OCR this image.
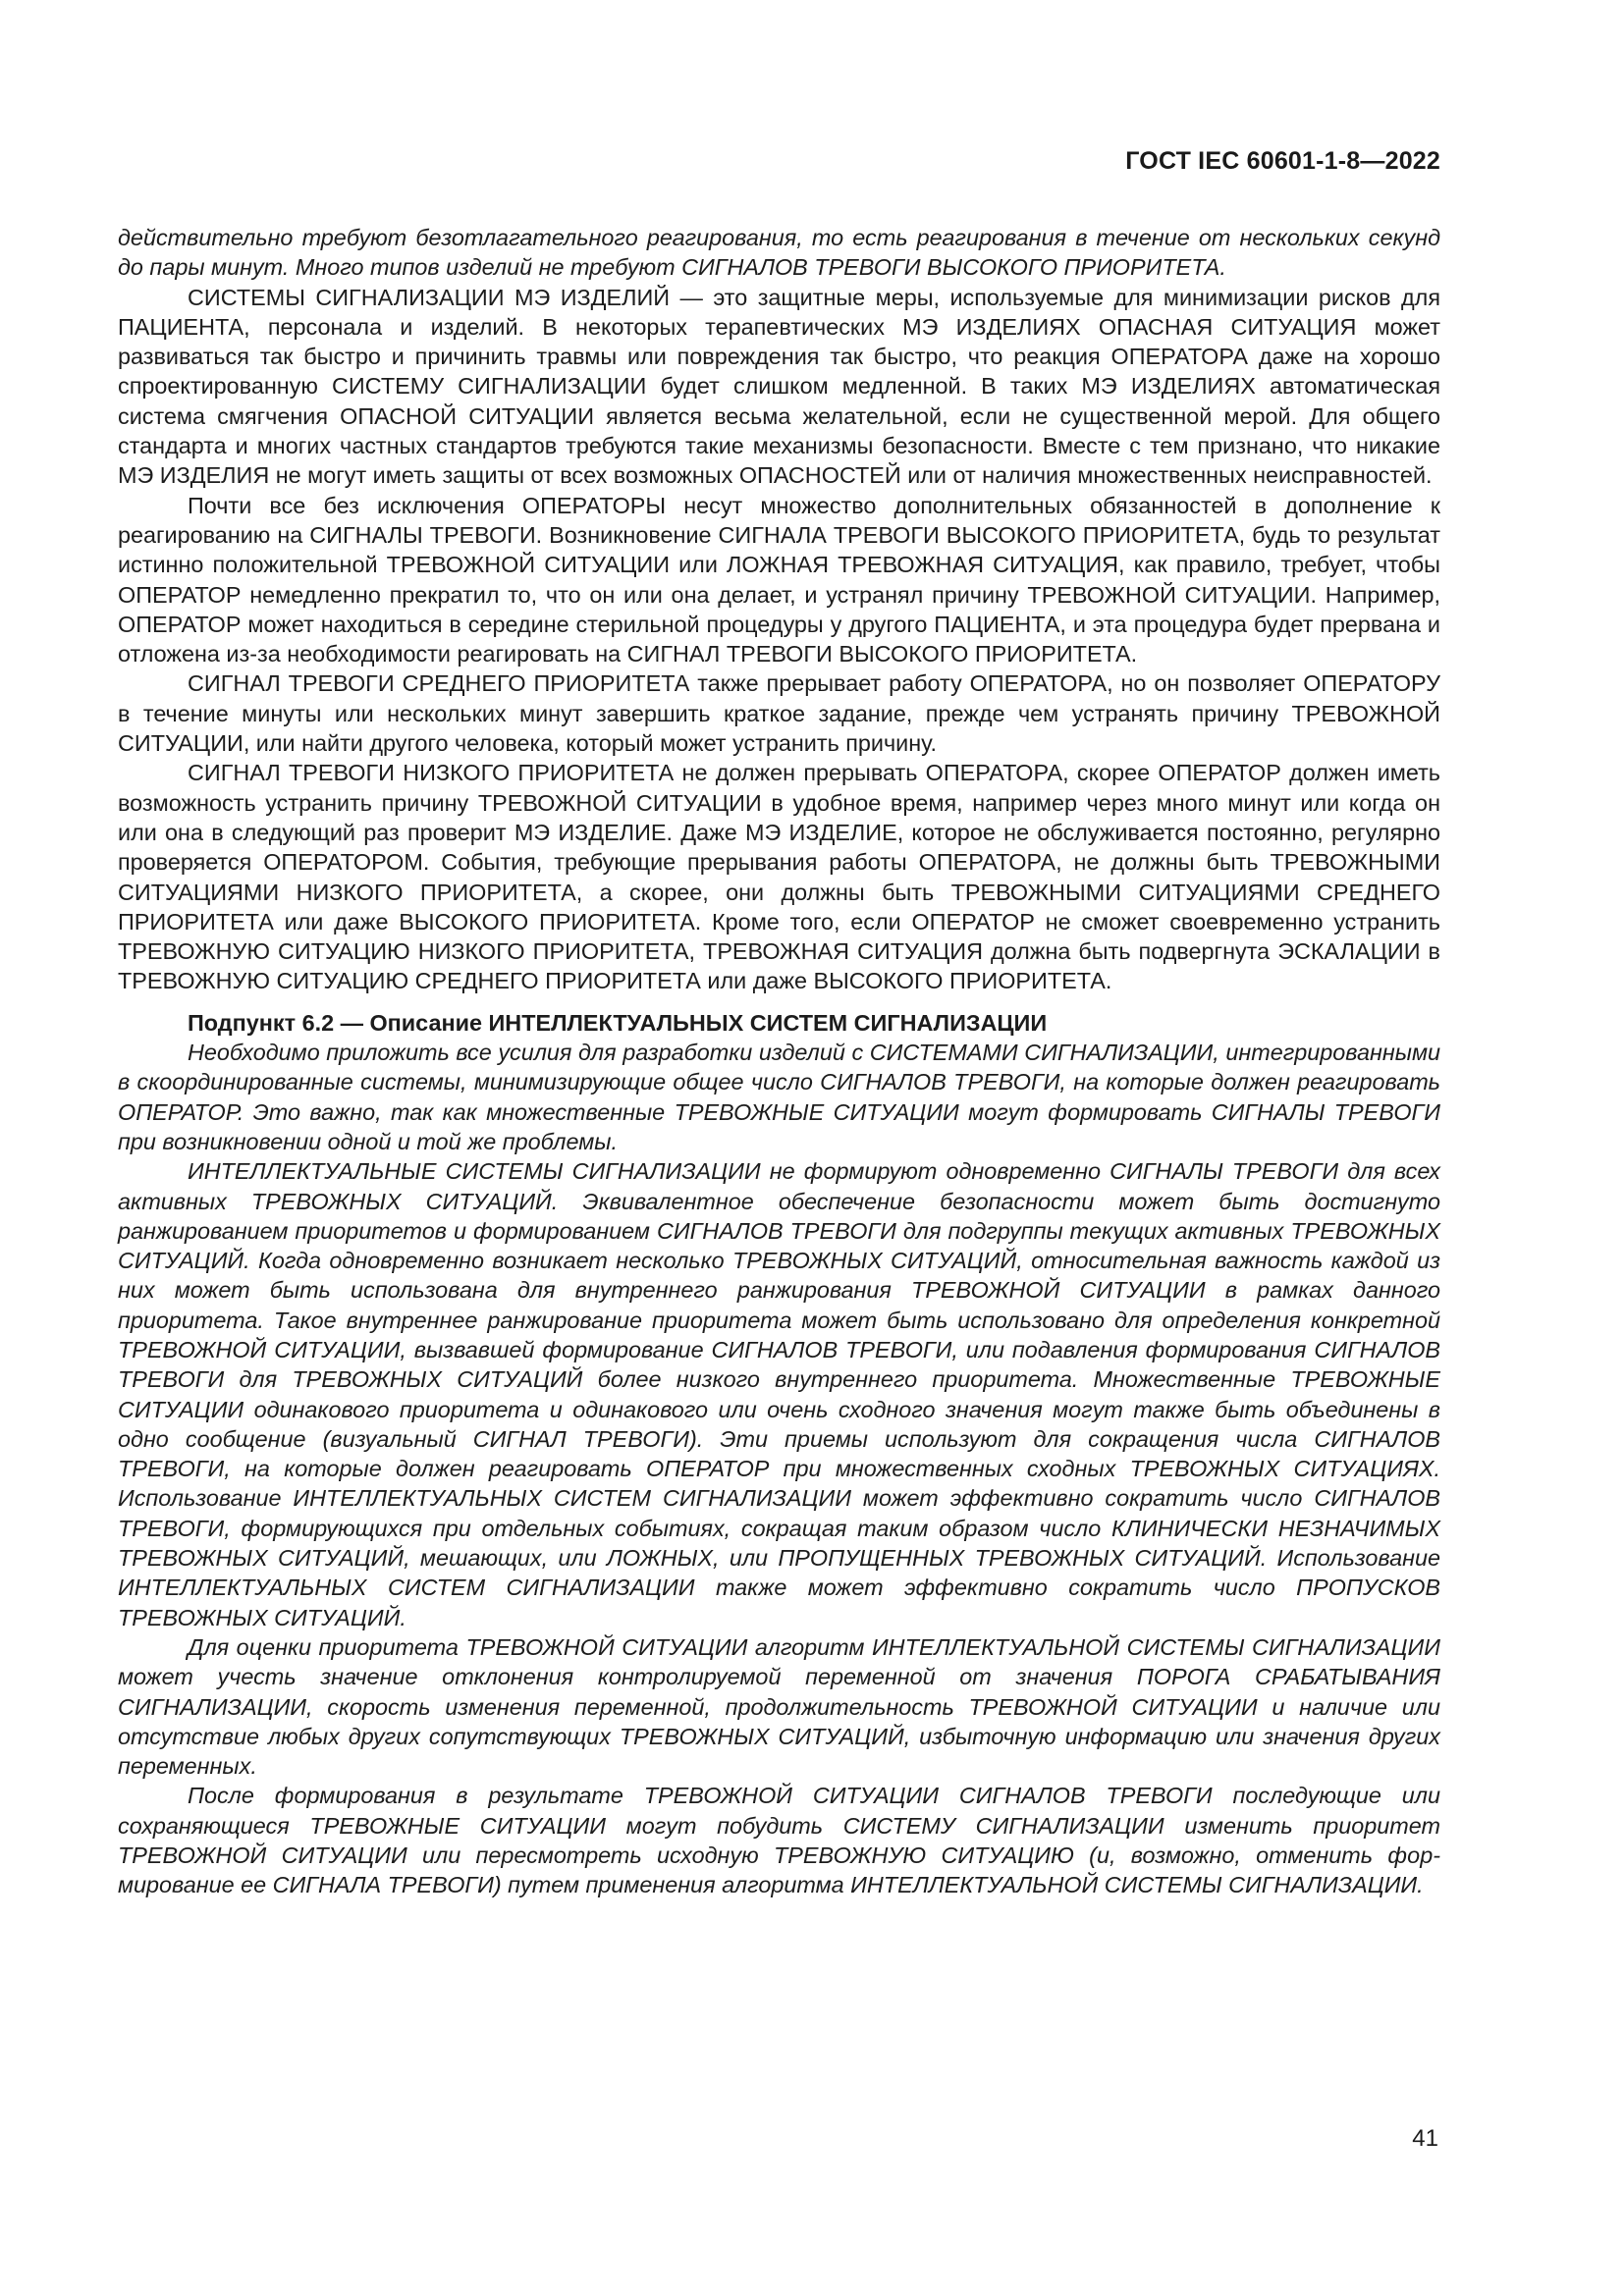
ГОСТ IEC 60601-1-8—2022

действительно требуют безотлагательного реагирования, то есть реагирования в течение от нескольких секунд до пары минут. Много типов изделий не требуют СИГНАЛОВ ТРЕВОГИ ВЫСОКОГО ПРИОРИТЕТА.

СИСТЕМЫ СИГНАЛИЗАЦИИ МЭ ИЗДЕЛИЙ — это защитные меры, используемые для минимизации рисков для ПАЦИЕНТА, персонала и изделий. В некоторых терапевтических МЭ ИЗДЕЛИЯХ ОПАСНАЯ СИТУАЦИЯ может развиваться так быстро и причинить травмы или повреждения так быстро, что реакция ОПЕРАТОРА даже на хорошо спроектированную СИСТЕМУ СИГНАЛИЗАЦИИ будет слишком медленной. В таких МЭ ИЗДЕЛИЯХ автоматическая система смягчения ОПАСНОЙ СИТУАЦИИ является весьма желательной, если не существенной мерой. Для общего стандарта и многих частных стандартов требуются такие механизмы безопасности. Вместе с тем признано, что никакие МЭ ИЗДЕЛИЯ не могут иметь защиты от всех возможных ОПАСНОСТЕЙ или от наличия множественных неисправностей.

Почти все без исключения ОПЕРАТОРЫ несут множество дополнительных обязанностей в дополнение к реагированию на СИГНАЛЫ ТРЕВОГИ. Возникновение СИГНАЛА ТРЕВОГИ ВЫСОКОГО ПРИОРИТЕТА, будь то результат истинно положительной ТРЕВОЖНОЙ СИТУАЦИИ или ЛОЖНАЯ ТРЕВОЖНАЯ СИТУАЦИЯ, как правило, требует, чтобы ОПЕРАТОР немедленно прекратил то, что он или она делает, и устранял причину ТРЕВОЖНОЙ СИТУАЦИИ. Например, ОПЕРАТОР может находиться в середине стерильной процедуры у другого ПАЦИЕНТА, и эта процедура будет прервана и отложена из-за необходимости реагировать на СИГНАЛ ТРЕВОГИ ВЫСОКОГО ПРИОРИТЕТА.

СИГНАЛ ТРЕВОГИ СРЕДНЕГО ПРИОРИТЕТА также прерывает работу ОПЕРАТОРА, но он позволяет ОПЕРАТОРУ в течение минуты или нескольких минут завершить краткое задание, прежде чем устранять причину ТРЕВОЖНОЙ СИТУАЦИИ, или найти другого человека, который может устранить причину.

СИГНАЛ ТРЕВОГИ НИЗКОГО ПРИОРИТЕТА не должен прерывать ОПЕРАТОРА, скорее ОПЕРАТОР должен иметь возможность устранить причину ТРЕВОЖНОЙ СИТУАЦИИ в удобное время, например через много минут или когда он или она в следующий раз проверит МЭ ИЗДЕЛИЕ. Даже МЭ ИЗДЕЛИЕ, которое не обслуживается постоянно, регулярно проверяется ОПЕРАТОРОМ. События, требующие прерывания работы ОПЕРАТОРА, не должны быть ТРЕВОЖНЫМИ СИТУАЦИЯМИ НИЗКОГО ПРИОРИТЕТА, а скорее, они должны быть ТРЕВОЖНЫМИ СИТУАЦИЯМИ СРЕДНЕГО ПРИОРИТЕТА или даже ВЫСОКОГО ПРИОРИТЕТА. Кроме того, если ОПЕРАТОР не сможет своевременно устранить ТРЕВОЖНУЮ СИТУАЦИЮ НИЗКОГО ПРИОРИТЕТА, ТРЕВОЖНАЯ СИТУАЦИЯ должна быть подвергнута ЭСКАЛАЦИИ в ТРЕВОЖНУЮ СИТУАЦИЮ СРЕДНЕГО ПРИОРИТЕТА или даже ВЫСОКОГО ПРИОРИТЕТА.

Подпункт 6.2 — Описание ИНТЕЛЛЕКТУАЛЬНЫХ СИСТЕМ СИГНАЛИЗАЦИИ

Необходимо приложить все усилия для разработки изделий с СИСТЕМАМИ СИГНАЛИЗАЦИИ, интегрированными в скоординированные системы, минимизирующие общее число СИГНАЛОВ ТРЕВОГИ, на которые должен реагировать ОПЕРАТОР. Это важно, так как множественные ТРЕВОЖНЫЕ СИТУАЦИИ могут формировать СИГНАЛЫ ТРЕВОГИ при возникновении одной и той же проблемы.

ИНТЕЛЛЕКТУАЛЬНЫЕ СИСТЕМЫ СИГНАЛИЗАЦИИ не формируют одновременно СИГНАЛЫ ТРЕВОГИ для всех активных ТРЕВОЖНЫХ СИТУАЦИЙ. Эквивалентное обеспечение безопасности может быть достигнуто ранжированием приоритетов и формированием СИГНАЛОВ ТРЕВОГИ для подгруппы текущих активных ТРЕВОЖНЫХ СИТУАЦИЙ. Когда одновременно возникает несколько ТРЕВОЖНЫХ СИТУАЦИЙ, относительная важность каждой из них может быть использована для внутреннего ранжирования ТРЕВОЖНОЙ СИТУАЦИИ в рамках данного приоритета. Такое внутреннее ранжирование приоритета может быть использовано для определения конкретной ТРЕВОЖНОЙ СИТУАЦИИ, вызвавшей формирование СИГНАЛОВ ТРЕВОГИ, или подавления формирования СИГНАЛОВ ТРЕВОГИ для ТРЕВОЖНЫХ СИТУАЦИЙ более низкого внутреннего приоритета. Множественные ТРЕВОЖНЫЕ СИТУАЦИИ одинакового приоритета и одинакового или очень сходного значения могут также быть объединены в одно сообщение (визуальный СИГНАЛ ТРЕВОГИ). Эти приемы используют для сокращения числа СИГНАЛОВ ТРЕВОГИ, на которые должен реагировать ОПЕРАТОР при множественных сходных ТРЕВОЖНЫХ СИТУАЦИЯХ. Использование ИНТЕЛЛЕКТУАЛЬНЫХ СИСТЕМ СИГНАЛИЗАЦИИ может эффективно сократить число СИГНАЛОВ ТРЕВОГИ, формирующихся при отдельных событиях, сокращая таким образом число КЛИНИЧЕСКИ НЕЗНАЧИМЫХ ТРЕВОЖНЫХ СИТУАЦИЙ, мешающих, или ЛОЖНЫХ, или ПРОПУЩЕННЫХ ТРЕВОЖНЫХ СИТУАЦИЙ. Использование ИНТЕЛЛЕКТУАЛЬНЫХ СИСТЕМ СИГНАЛИЗАЦИИ также может эффективно сократить число ПРОПУСКОВ ТРЕВОЖНЫХ СИТУАЦИЙ.

Для оценки приоритета ТРЕВОЖНОЙ СИТУАЦИИ алгоритм ИНТЕЛЛЕКТУАЛЬНОЙ СИСТЕМЫ СИГНАЛИЗАЦИИ может учесть значение отклонения контролируемой переменной от значения ПОРОГА СРАБАТЫВАНИЯ СИГНАЛИЗАЦИИ, скорость изменения переменной, продолжительность ТРЕВОЖНОЙ СИТУАЦИИ и наличие или отсутствие любых других сопутствующих ТРЕВОЖНЫХ СИТУАЦИЙ, избыточную информацию или значения других переменных.

После формирования в результате ТРЕВОЖНОЙ СИТУАЦИИ СИГНАЛОВ ТРЕВОГИ последующие или сохраняющиеся ТРЕВОЖНЫЕ СИТУАЦИИ могут побудить СИСТЕМУ СИГНАЛИЗАЦИИ изменить приоритет ТРЕВОЖНОЙ СИТУАЦИИ или пересмотреть исходную ТРЕВОЖНУЮ СИТУАЦИЮ (и, возможно, отменить формирование ее СИГНАЛА ТРЕВОГИ) путем применения алгоритма ИНТЕЛЛЕКТУАЛЬНОЙ СИСТЕМЫ СИГНАЛИЗАЦИИ.

41
